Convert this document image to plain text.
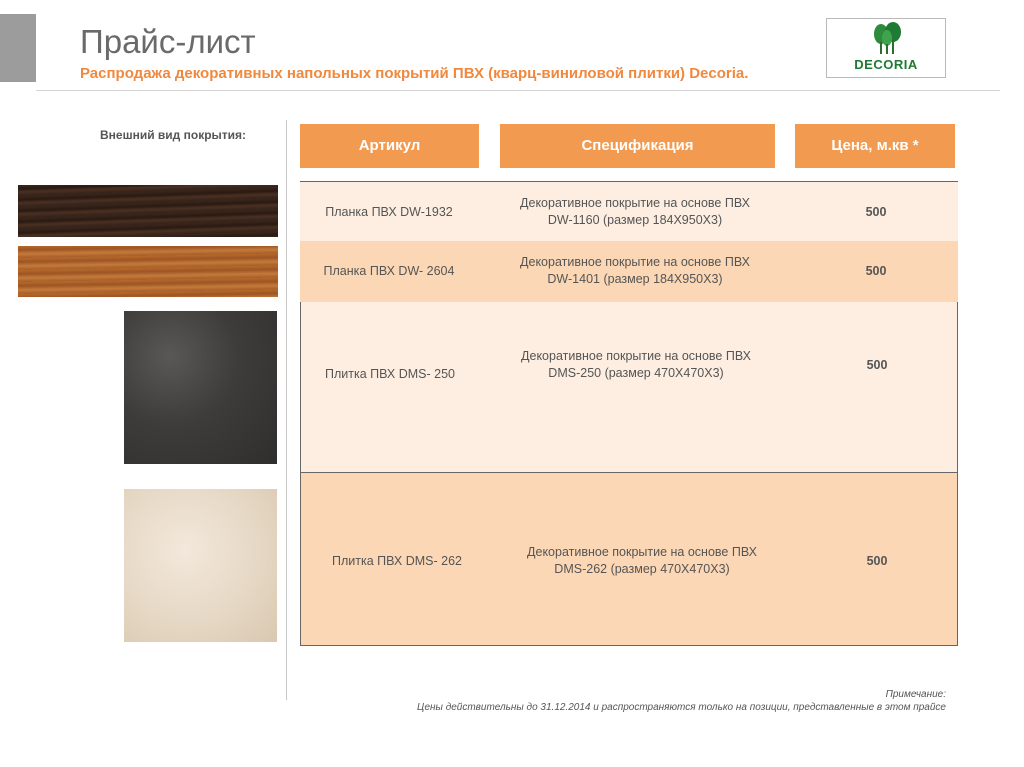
Прайс-лист
Распродажа декоративных напольных покрытий ПВХ (кварц-виниловой плитки) Decoria.
DECORIA
Внешний вид покрытия:
Артикул	Спецификация	Цена, м.кв *
Планка ПВХ DW-1932
Декоративное покрытие на основе ПВХ
DW-1160 (размер 184X950X3)
500
Планка ПВХ DW- 2604
Декоративное покрытие на основе ПВХ
DW-1401 (размер 184X950X3)
500
Плитка ПВХ DMS- 250
Декоративное покрытие на основе ПВХ
DMS-250 (размер 470X470X3)
500
Плитка ПВХ DMS- 262
Декоративное покрытие на основе ПВХ
DMS-262 (размер 470X470X3)
500
Примечание:
Цены действительны до 31.12.2014 и распространяются только на позиции, представленные в этом прайсе
